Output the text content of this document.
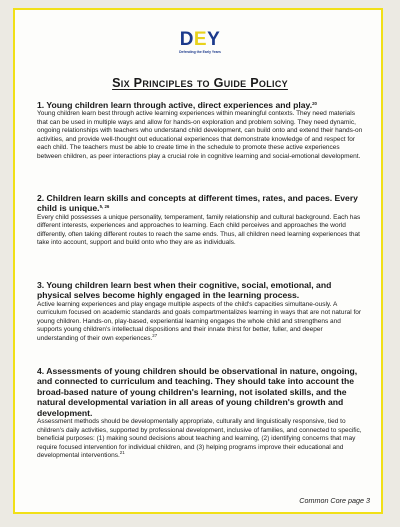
DEY
Defending the Early Years
Six Principles to Guide Policy

1. Young children learn through active, direct experiences and play.$^{20}$

Young children learn best through active learning experiences within meaningful contexts. They need materials that can be used in multiple ways and allow for hands-on exploration and problem solving. They need dynamic, ongoing relationships with teachers who understand child development, can build onto and extend their hands-on activities, and provide well-thought out educational experiences that demonstrate knowledge of and respect for each child. The teachers must be able to create time in the schedule to promote these active experiences between children, as peer interactions play a crucial role in cognitive learning and social-emotional development.

2. Children learn skills and concepts at different times, rates, and paces. Every child is unique.$^{5, 26}$

Every child possesses a unique personality, temperament, family relationship and cultural background. Each has different interests, experiences and approaches to learning. Each child perceives and approaches the world differently, often taking different routes to reach the same ends. Thus, all children need learning experiences that take into account, support and build onto who they are as individuals.

3. Young children learn best when their cognitive, social, emotional, and physical selves become highly engaged in the learning process.

Active learning experiences and play engage multiple aspects of the child's capacities simultane-ously. A curriculum focused on academic standards and goals compartmentalizes learning in ways that are not natural for young children. Hands-on, play-based, experiential learning engages the whole child and strengthens and supports young children's intellectual dispositions and their innate thirst for better, fuller, and deeper understanding of their own experiences.$^{27}$

4. Assessments of young children should be observational in nature, ongoing, and connected to curriculum and teaching. They should take into account the broad-based nature of young children's learning, not isolated skills, and the natural developmental variation in all areas of young children's growth and development.

Assessment methods should be developmentally appropriate, culturally and linguistically responsive, tied to children's daily activities, supported by professional development, inclusive of families, and connected to specific, beneficial purposes: (1) making sound decisions about teaching and learning, (2) identifying concerns that may require focused intervention for individual children, and (3) helping programs improve their educational and developmental interventions.$^{21}$

Common Core page 3
